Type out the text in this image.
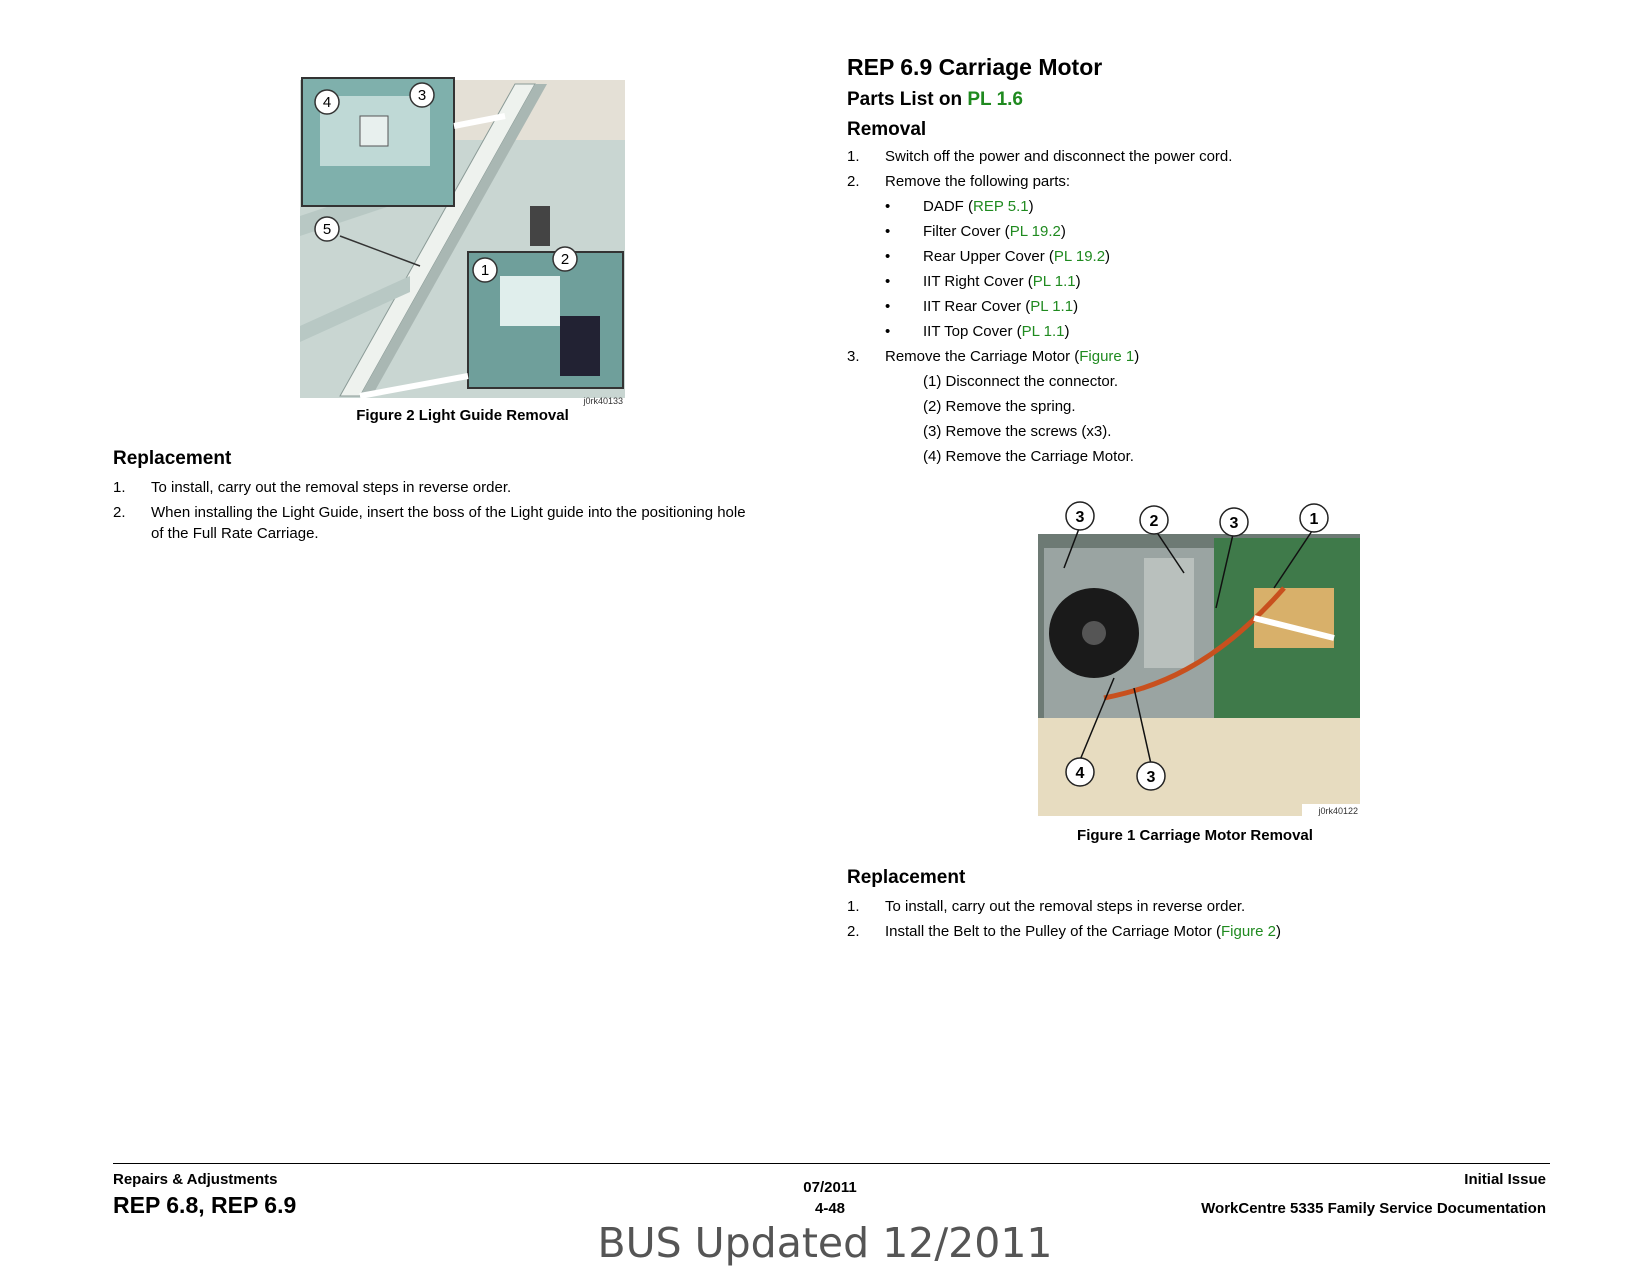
4	3
5
1
2
j0rk40133
Figure 2 Light Guide Removal
Replacement
1.	To install, carry out the removal steps in reverse order.
2.	When installing the Light Guide, insert the boss of the Light guide into the positioning hole
of the Full Rate Carriage.
REP 6.9 Carriage Motor
Parts List on PL 1.6
Removal
1.	Switch off the power and disconnect the power cord.
2.	Remove the following parts:
•	DADF (REP 5.1)
•	Filter Cover (PL 19.2)
•	Rear Upper Cover (PL 19.2)
•	IIT Right Cover (PL 1.1)
•	IIT Rear Cover (PL 1.1)
•	IIT Top Cover (PL 1.1)
3.	Remove the Carriage Motor (Figure 1)
(1) Disconnect the connector.
(2) Remove the spring.
(3) Remove the screws (x3).
(4) Remove the Carriage Motor.
3	2	3	1
4	3
j0rk40122
Figure 1 Carriage Motor Removal
Replacement
1.	To install, carry out the removal steps in reverse order.
2.	Install the Belt to the Pulley of the Carriage Motor (Figure 2)
Repairs & Adjustments
REP 6.8, REP 6.9
07/2011
4-48
Initial Issue
WorkCentre 5335 Family Service Documentation
BUS Updated 12/2011
